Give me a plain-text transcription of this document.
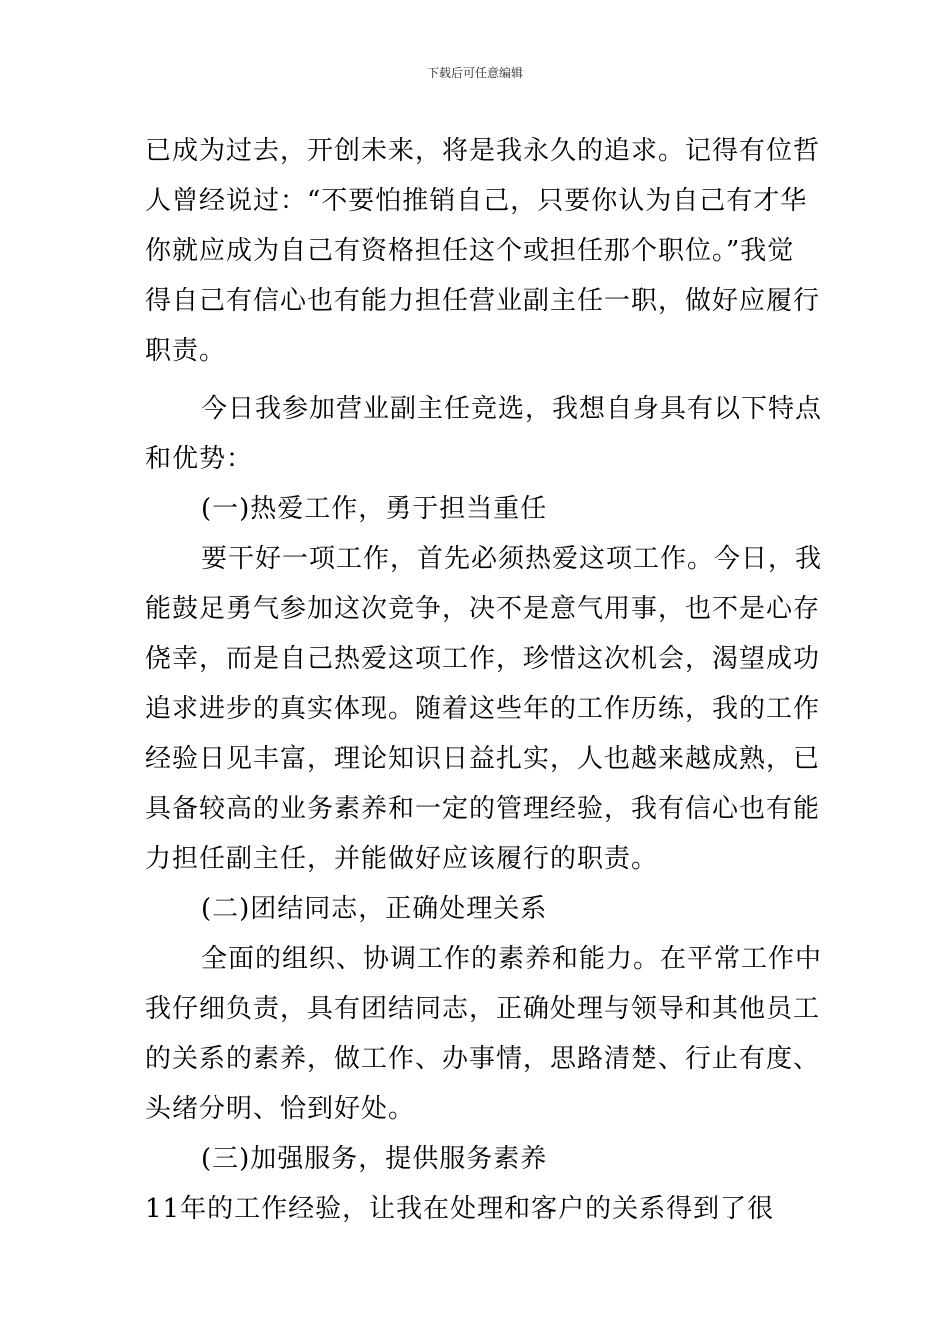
下载后可任意编辑
已成为过去，开创未来，将是我永久的追求。记得有位哲
人曾经说过：“不要怕推销自己，只要你认为自己有才华
你就应成为自己有资格担任这个或担任那个职位。”我觉
得自己有信心也有能力担任营业副主任一职，做好应履行
职责。
今日我参加营业副主任竞选，我想自身具有以下特点
和优势：
(一)热爱工作，勇于担当重任
要干好一项工作，首先必须热爱这项工作。今日，我
能鼓足勇气参加这次竞争，决不是意气用事，也不是心存
侥幸，而是自己热爱这项工作，珍惜这次机会，渴望成功
追求进步的真实体现。随着这些年的工作历练，我的工作
经验日见丰富，理论知识日益扎实，人也越来越成熟，已
具备较高的业务素养和一定的管理经验，我有信心也有能
力担任副主任，并能做好应该履行的职责。
(二)团结同志，正确处理关系
全面的组织、协调工作的素养和能力。在平常工作中
我仔细负责，具有团结同志，正确处理与领导和其他员工
的关系的素养，做工作、办事情，思路清楚、行止有度、
头绪分明、恰到好处。
(三)加强服务，提供服务素养
11年的工作经验，让我在处理和客户的关系得到了很
